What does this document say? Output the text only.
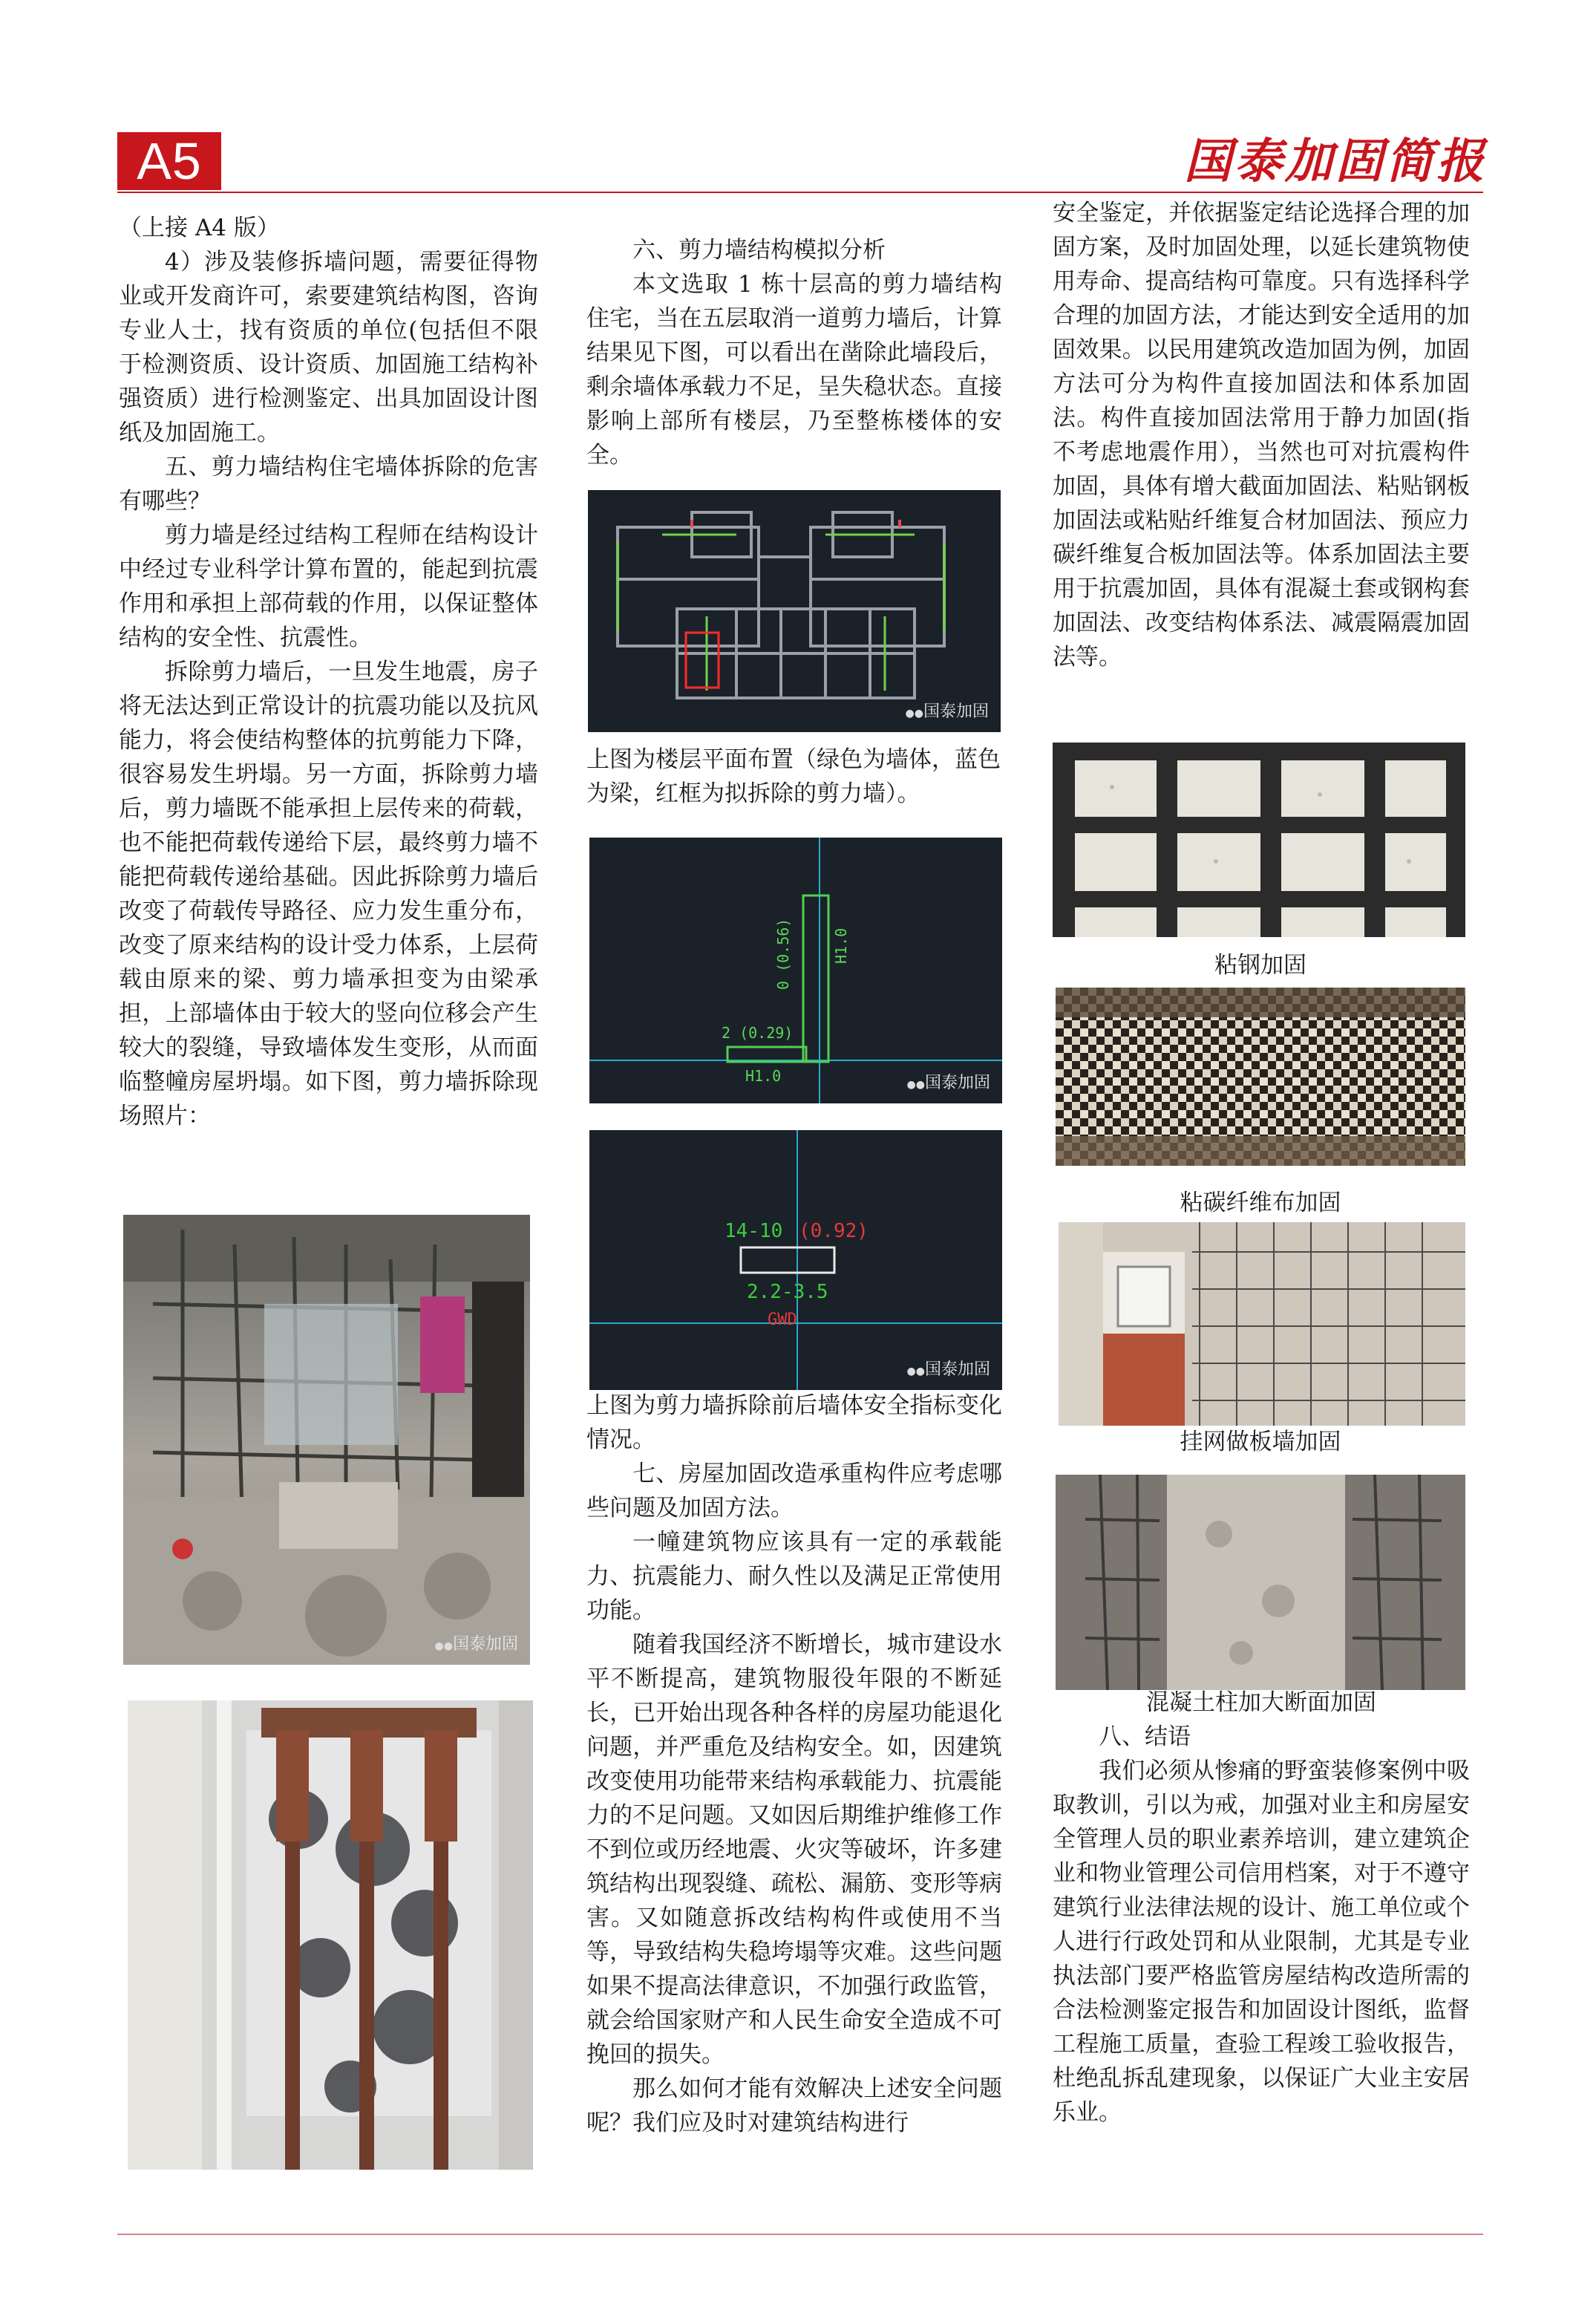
A5	国泰加固简报

（上接 A4 版）

4）涉及装修拆墙问题，需要征得物业或开发商许可，索要建筑结构图，咨询专业人士，找有资质的单位(包括但不限于检测资质、设计资质、加固施工结构补强资质）进行检测鉴定、出具加固设计图纸及加固施工。

五、剪力墙结构住宅墙体拆除的危害有哪些？

剪力墙是经过结构工程师在结构设计中经过专业科学计算布置的，能起到抗震作用和承担上部荷载的作用，以保证整体结构的安全性、抗震性。

拆除剪力墙后，一旦发生地震，房子将无法达到正常设计的抗震功能以及抗风能力，将会使结构整体的抗剪能力下降，很容易发生坍塌。另一方面，拆除剪力墙后，剪力墙既不能承担上层传来的荷载，也不能把荷载传递给下层，最终剪力墙不能把荷载传递给基础。因此拆除剪力墙后改变了荷载传导路径、应力发生重分布，改变了原来结构的设计受力体系，上层荷载由原来的梁、剪力墙承担变为由梁承担，上部墙体由于较大的竖向位移会产生较大的裂缝，导致墙体发生变形，从而面临整幢房屋坍塌。如下图，剪力墙拆除现场照片：

●● 国泰加固

六、剪力墙结构模拟分析

本文选取 1 栋十层高的剪力墙结构住宅，当在五层取消一道剪力墙后，计算结果见下图，可以看出在凿除此墙段后，剩余墙体承载力不足，呈失稳状态。直接影响上部所有楼层，乃至整栋楼体的安全。

●● 国泰加固
上图为楼层平面布置（绿色为墙体，蓝色为梁，红框为拟拆除的剪力墙）。
0 (0.56)	H1.0
2 (0.29)
H1.0
●●	国泰加固
14-10 (0.92)
2.2-3.5
GWD
●● 国泰加固

上图为剪力墙拆除前后墙体安全指标变化情况。

七、房屋加固改造承重构件应考虑哪些问题及加固方法。

一幢建筑物应该具有一定的承载能力、抗震能力、耐久性以及满足正常使用功能。

随着我国经济不断增长，城市建设水平不断提高，建筑物服役年限的不断延长，已开始出现各种各样的房屋功能退化问题，并严重危及结构安全。如，因建筑改变使用功能带来结构承载能力、抗震能力的不足问题。又如因后期维护维修工作不到位或历经地震、火灾等破坏，许多建筑结构出现裂缝、疏松、漏筋、变形等病害。又如随意拆改结构构件或使用不当等，导致结构失稳垮塌等灾难。这些问题如果不提高法律意识，不加强行政监管，就会给国家财产和人民生命安全造成不可挽回的损失。

那么如何才能有效解决上述安全问题呢？我们应及时对建筑结构进行

安全鉴定，并依据鉴定结论选择合理的加固方案，及时加固处理，以延长建筑物使用寿命、提高结构可靠度。只有选择科学合理的加固方法，才能达到安全适用的加固效果。以民用建筑改造加固为例，加固方法可分为构件直接加固法和体系加固法。构件直接加固法常用于静力加固(指不考虑地震作用），当然也可对抗震构件加固，具体有增大截面加固法、粘贴钢板加固法或粘贴纤维复合材加固法、预应力碳纤维复合板加固法等。体系加固法主要用于抗震加固，具体有混凝土套或钢构套加固法、改变结构体系法、减震隔震加固法等。

粘钢加固
粘碳纤维布加固
挂网做板墙加固

混凝土柱加大断面加固

八、结语

我们必须从惨痛的野蛮装修案例中吸取教训，引以为戒，加强对业主和房屋安全管理人员的职业素养培训，建立建筑企业和物业管理公司信用档案，对于不遵守建筑行业法律法规的设计、施工单位或个人进行行政处罚和从业限制，尤其是专业执法部门要严格监管房屋结构改造所需的合法检测鉴定报告和加固设计图纸，监督工程施工质量，查验工程竣工验收报告，杜绝乱拆乱建现象，以保证广大业主安居乐业。
